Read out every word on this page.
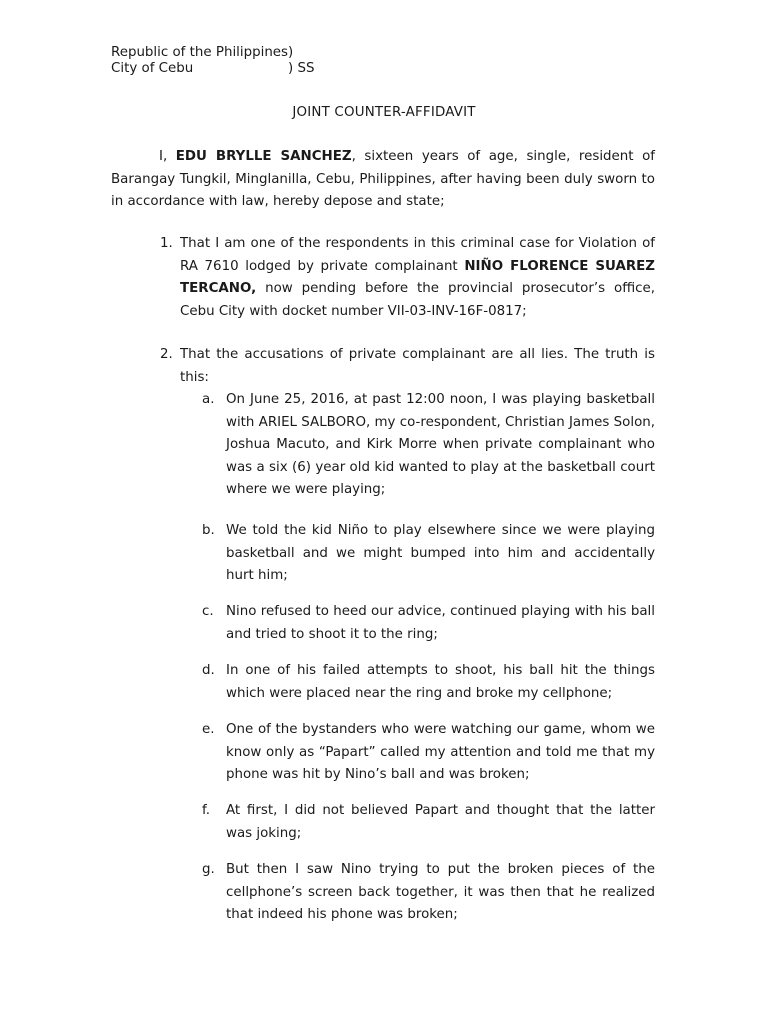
Republic of the Philippines)
City of Cebu	) SS
JOINT COUNTER-AFFIDAVIT
I, EDU BRYLLE SANCHEZ, sixteen years of age, single, resident of Barangay Tungkil, Minglanilla, Cebu, Philippines, after having been duly sworn to in accordance with law, hereby depose and state;
1. That I am one of the respondents in this criminal case for Violation of RA 7610 lodged by private complainant NIÑO FLORENCE SUAREZ TERCANO, now pending before the provincial prosecutor’s office, Cebu City with docket number VII-03-INV-16F-0817;
2. That the accusations of private complainant are all lies. The truth is this:
a. On June 25, 2016, at past 12:00 noon, I was playing basketball with ARIEL SALBORO, my co-respondent, Christian James Solon, Joshua Macuto, and Kirk Morre when private complainant who was a six (6) year old kid wanted to play at the basketball court where we were playing;
b. We told the kid Niño to play elsewhere since we were playing basketball and we might bumped into him and accidentally hurt him;
c. Nino refused to heed our advice, continued playing with his ball and tried to shoot it to the ring;
d. In one of his failed attempts to shoot, his ball hit the things which were placed near the ring and broke my cellphone;
e. One of the bystanders who were watching our game, whom we know only as “Papart” called my attention and told me that my phone was hit by Nino’s ball and was broken;
f. At first, I did not believed Papart and thought that the latter was joking;
g. But then I saw Nino trying to put the broken pieces of the cellphone’s screen back together, it was then that he realized that indeed his phone was broken;
